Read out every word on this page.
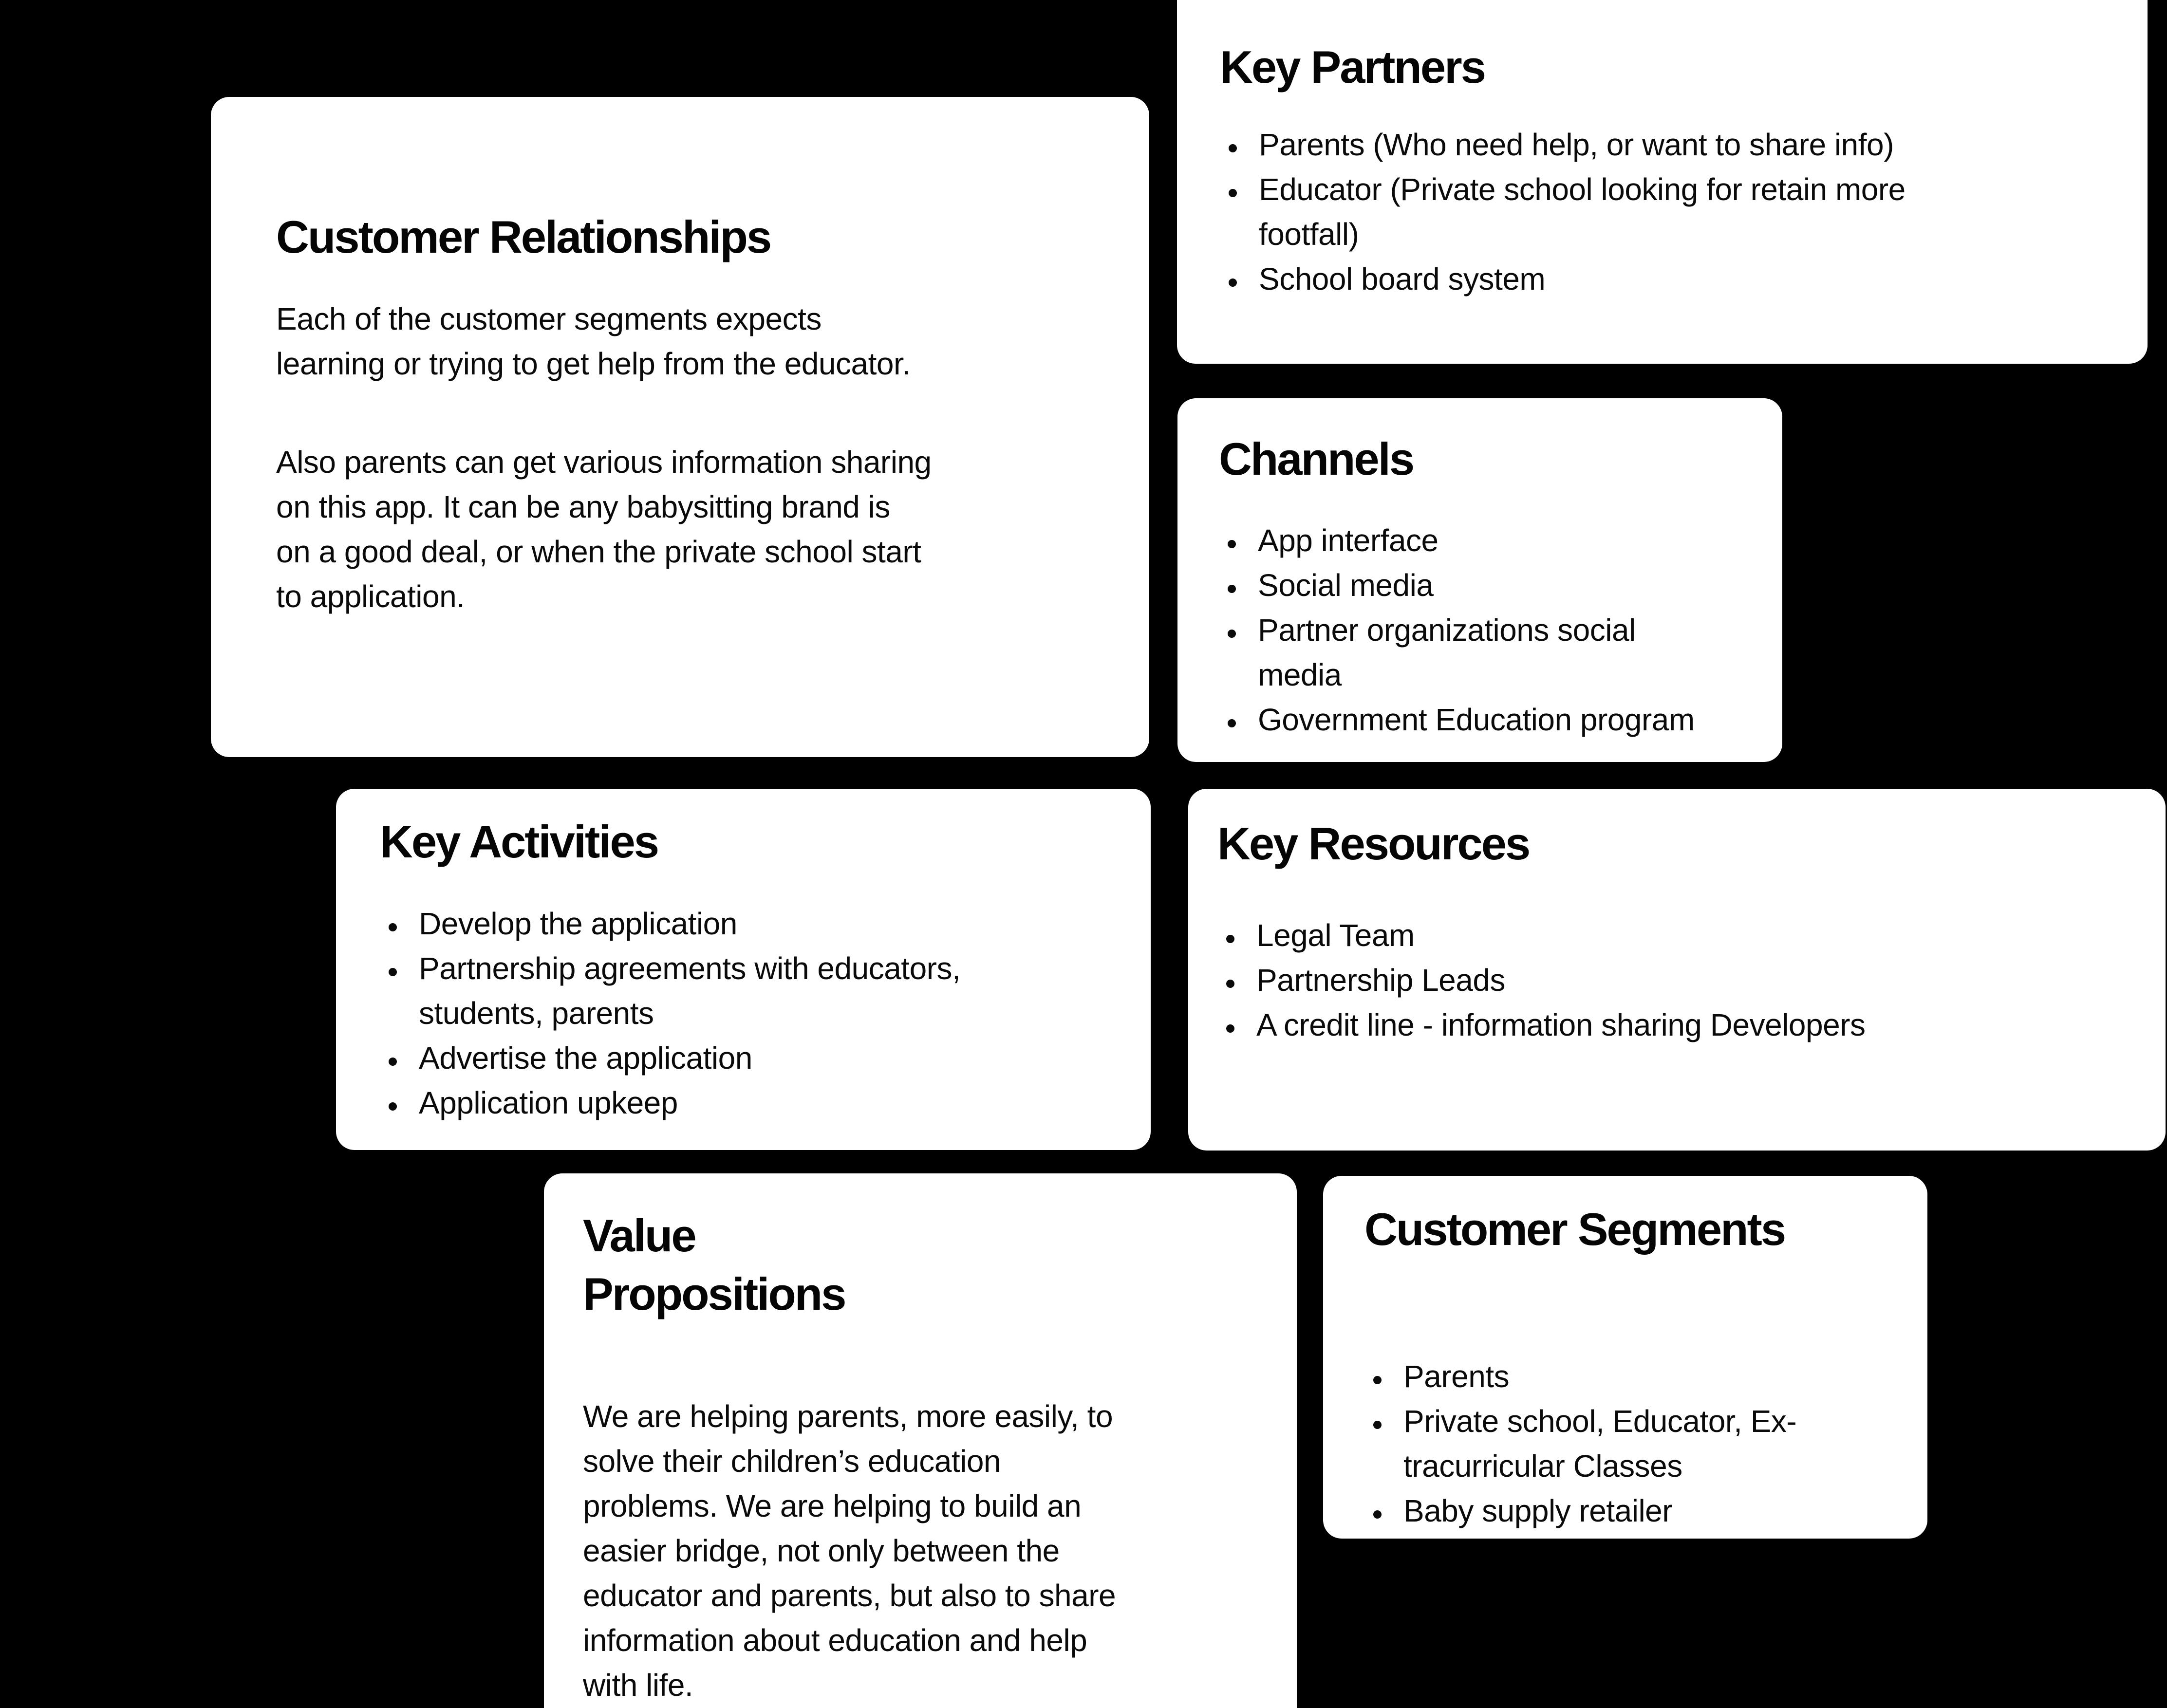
Customer Relationships
Each of the customer segments expects
learning or trying to get help from the educator.
Also parents can get various information sharing
on this app. It can be any babysitting brand is
on a good deal, or when the private school start
to application.
Key Partners
Parents (Who need help, or want to share info)
Educator (Private school looking for retain more
footfall)
School board system
Channels
App interface
Social media
Partner organizations social
media
Government Education program
Key Activities
Develop the application
Partnership agreements with educators,
students, parents
Advertise the application
Application upkeep
Key Resources
Legal Team
Partnership Leads
A credit line - information sharing Developers
Value
Propositions
We are helping parents, more easily, to
solve their children’s education
problems. We are helping to build an
easier bridge, not only between the
educator and parents, but also to share
information about education and help
with life.
Customer Segments
Parents
Private school, Educator, Ex-
tracurricular Classes
Baby supply retailer
